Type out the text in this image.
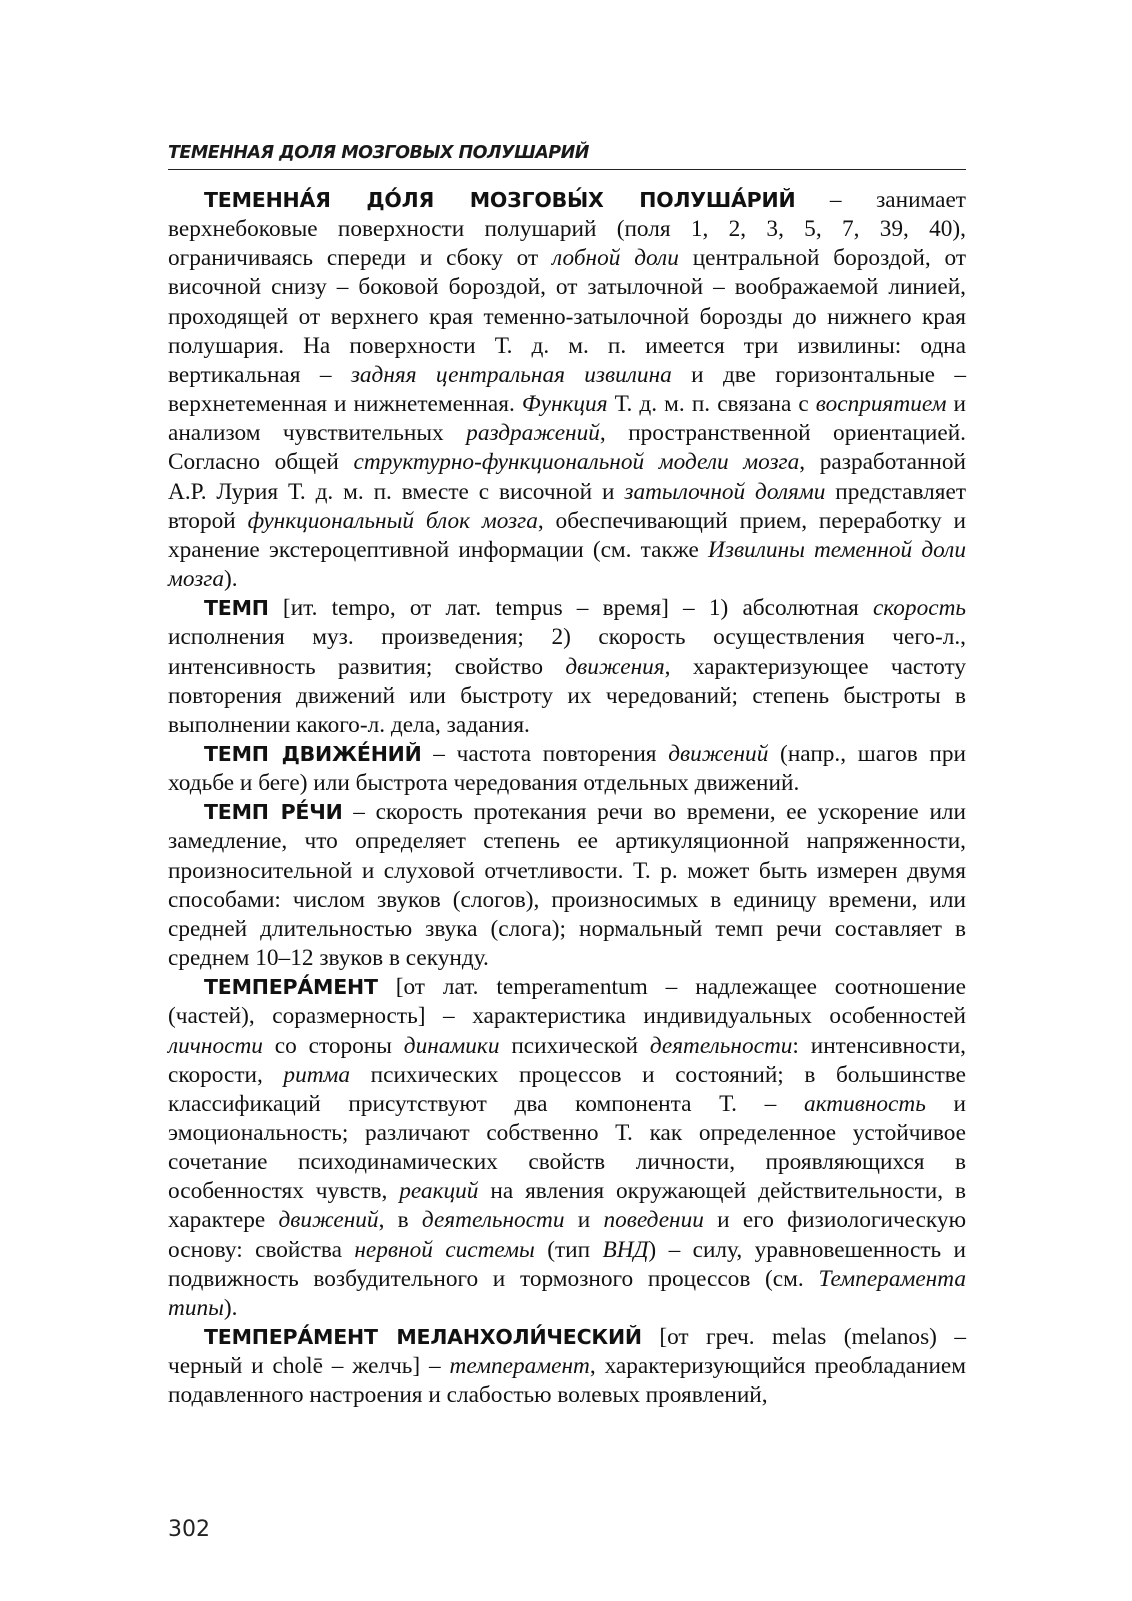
ТЕМЕННАЯ ДОЛЯ МОЗГОВЫХ ПОЛУШАРИЙ

ТЕМЕННА́Я ДО́ЛЯ МОЗГОВЫ́Х ПОЛУША́РИЙ – занимает верхнебоковые поверхности полушарий (поля 1, 2, 3, 5, 7, 39, 40), ограничиваясь спереди и сбоку от лобной доли центральной бороздой, от височной снизу – боковой бороздой, от затылочной – воображаемой линией, проходящей от верхнего края теменно-затылочной борозды до нижнего края полушария. На поверхности Т. д. м. п. имеется три извилины: одна вертикальная – задняя центральная извилина и две горизонтальные – верхнетеменная и нижнетеменная. Функция Т. д. м. п. связана с восприятием и анализом чувствительных раздражений, пространственной ориентацией. Согласно общей структурно-функциональной модели мозга, разработанной А.Р. Лурия Т. д. м. п. вместе с височной и затылочной долями представляет второй функциональный блок мозга, обеспечивающий прием, переработку и хранение экстероцептивной информации (см. также Извилины теменной доли мозга).

ТЕМП [ит. tempo, от лат. tempus – время] – 1) абсолютная скорость исполнения муз. произведения; 2) скорость осуществления чего-л., интенсивность развития; свойство движения, характеризующее частоту повторения движений или быстроту их чередований; степень быстроты в выполнении какого-л. дела, задания.

ТЕМП ДВИЖЕ́НИЙ – частота повторения движений (напр., шагов при ходьбе и беге) или быстрота чередования отдельных движений.

ТЕМП РЕ́ЧИ – скорость протекания речи во времени, ее ускорение или замедление, что определяет степень ее артикуляционной напряженности, произносительной и слуховой отчетливости. Т. р. может быть измерен двумя способами: числом звуков (слогов), произносимых в единицу времени, или средней длительностью звука (слога); нормальный темп речи составляет в среднем 10–12 звуков в секунду.

ТЕМПЕРА́МЕНТ [от лат. temperamentum – надлежащее соотношение (частей), соразмерность] – характеристика индивидуальных особенностей личности со стороны динамики психической деятельности: интенсивности, скорости, ритма психических процессов и состояний; в большинстве классификаций присутствуют два компонента Т. – активность и эмоциональность; различают собственно Т. как определенное устойчивое сочетание психодинамических свойств личности, проявляющихся в особенностях чувств, реакций на явления окружающей действительности, в характере движений, в деятельности и поведении и его физиологическую основу: свойства нервной системы (тип ВНД) – силу, уравновешенность и подвижность возбудительного и тормозного процессов (см. Темперамента типы).

ТЕМПЕРА́МЕНТ МЕЛАНХОЛИ́ЧЕСКИЙ [от греч. melas (melanos) – черный и cholē – желчь] – темперамент, характеризующийся преобладанием подавленного настроения и слабостью волевых проявлений,

302
